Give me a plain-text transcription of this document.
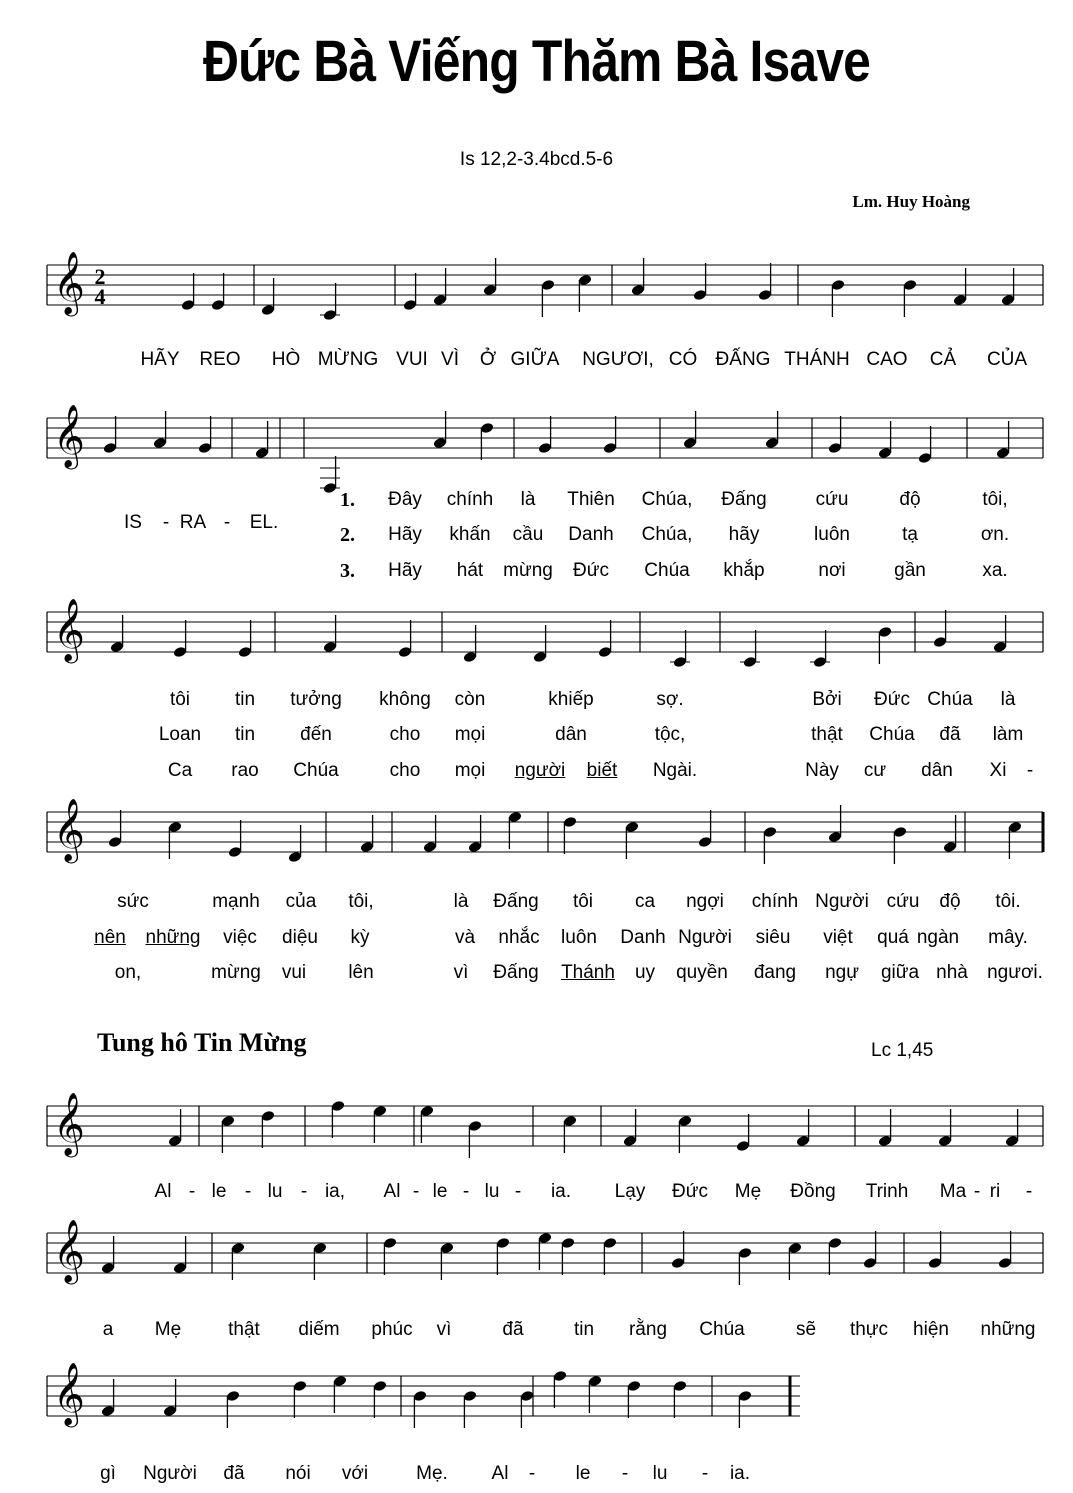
Đức Bà Viếng Thăm Bà Isave
Is 12,2-3.4bcd.5-6
Lm. Huy Hoàng
2
4
𝄞
𝄞
𝄞
𝄞
𝄞
𝄞
𝄞
Tung hô Tin Mừng	Lc 1,45
HÃY REO HÒ MỪNG VUI VÌ Ở GIỮA NGƯƠI, CÓ ĐẤNG THÁNH CAO CẢ CỦA
IS - RA - EL.
1. Đây chính là Thiên Chúa, Đấng	cứu	độ	tôi,
tôi tin tưởng không còn	khiếp	sợ.	Bởi Đức Chúa là
sức	mạnh của tôi,	là Đấng tôi ca ngợi chính Người cứu độ tôi.
2. Hãy khấn cầu Danh Chúa, hãy	luôn	tạ	ơn.
Loan tin đến	cho mọi	dân	tộc,	thật Chúa đã làm
nên những việc diệu kỳ	và nhắc luôn Danh Người siêu việt quá ngàn mây.
3. Hãy hát mừng Đức Chúa khắp	nơi	gần	xa.
Ca rao Chúa	cho mọi người biết Ngài.	Này cư dân Xi -
on,	mừng vui lên	vì Đấng Thánh uy quyền đang ngự giữa nhà ngươi.
Al - le - lu - ia, Al - le - lu - ia. Lạy Đức Mẹ Đồng Trinh Ma - ri -
a Mẹ thật diếm phúc vì	đã	tin rằng Chúa	sẽ thực hiện những
gì Người đã nói với	Mẹ. Al - le - lu - ia.
